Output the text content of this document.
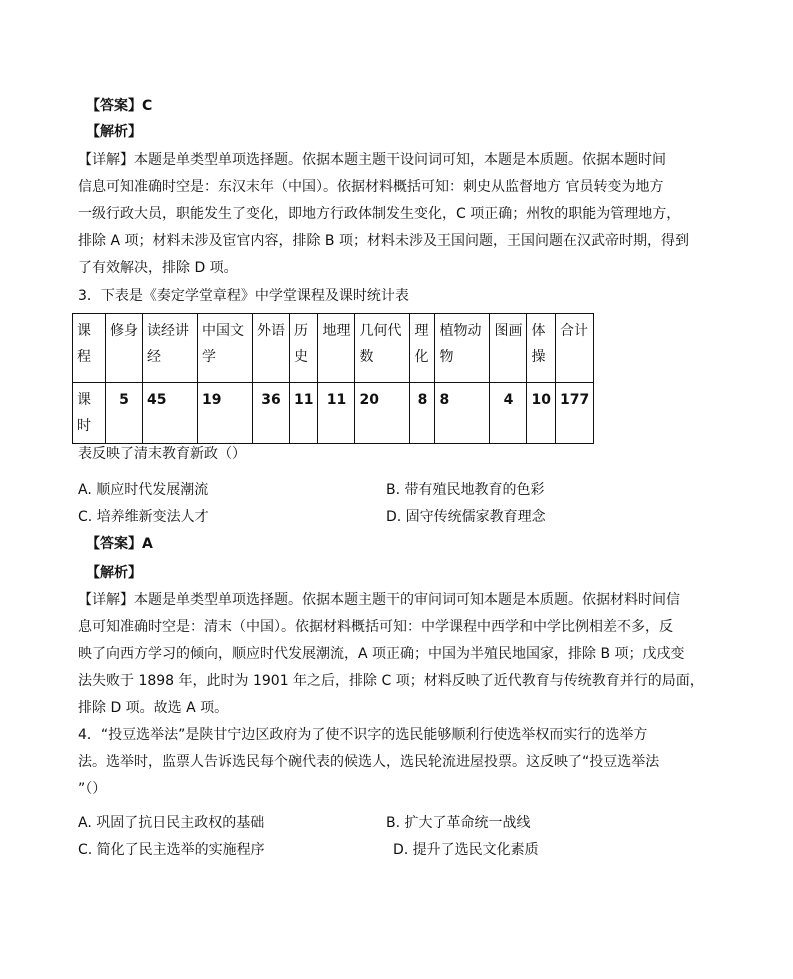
【答案】C
【解析】
【详解】本题是单类型单项选择题。依据本题主题干设问词可知，本题是本质题。依据本题时间
信息可知准确时空是：东汉末年（中国）。依据材料概括可知：刺史从监督地方 官员转变为地方
一级行政大员，职能发生了变化，即地方行政体制发生变化，C 项正确；州牧的职能为管理地方，
排除 A 项；材料未涉及宦官内容，排除 B 项；材料未涉及王国问题，王国问题在汉武帝时期，得到
了有效解决，排除 D 项。
3．下表是《奏定学堂章程》中学堂课程及课时统计表
课程	修身	读经讲经	中国文学	外语	历史	地理	几何代数	理化	植物动物	图画	体操	合计
课时	5	45	19	36	11	11	20	8	8	4	10	177
表反映了清末教育新政（）
A. 顺应时代发展潮流	B. 带有殖民地教育的色彩
C. 培养维新变法人才	D. 固守传统儒家教育理念
【答案】A
【解析】
【详解】本题是单类型单项选择题。依据本题主题干的审问词可知本题是本质题。依据材料时间信
息可知准确时空是：清末（中国）。依据材料概括可知：中学课程中西学和中学比例相差不多，反
映了向西方学习的倾向，顺应时代发展潮流，A 项正确；中国为半殖民地国家，排除 B 项；戊戌变
法失败于 1898 年，此时为 1901 年之后，排除 C 项；材料反映了近代教育与传统教育并行的局面，
排除 D 项。故选 A 项。
4．“投豆选举法”是陕甘宁边区政府为了使不识字的选民能够顺利行使选举权而实行的选举方
法。选举时，监票人告诉选民每个碗代表的候选人，选民轮流进屋投票。这反映了“投豆选举法
”（）
A. 巩固了抗日民主政权的基础	B. 扩大了革命统一战线
C. 简化了民主选举的实施程序	D. 提升了选民文化素质
